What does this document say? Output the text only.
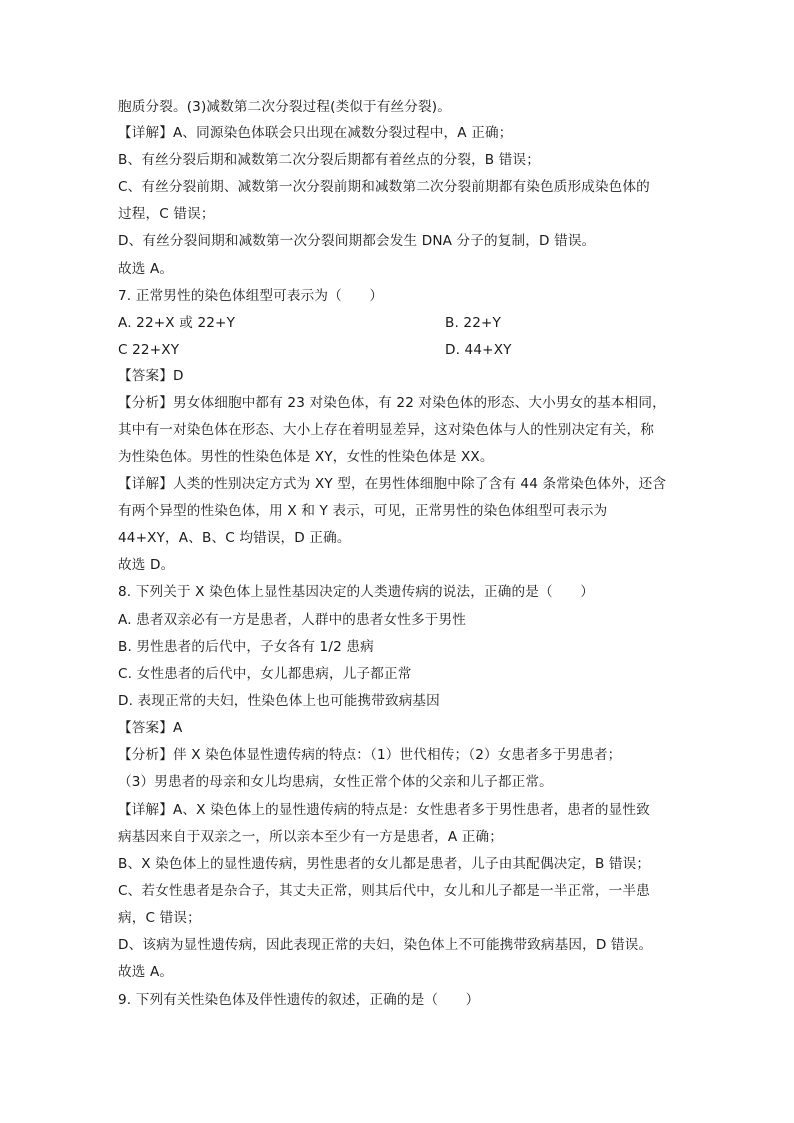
胞质分裂。(3)减数第二次分裂过程(类似于有丝分裂)。
【详解】A、同源染色体联会只出现在减数分裂过程中，A 正确；
B、有丝分裂后期和减数第二次分裂后期都有着丝点的分裂，B 错误；
C、有丝分裂前期、减数第一次分裂前期和减数第二次分裂前期都有染色质形成染色体的
过程，C 错误；
D、有丝分裂间期和减数第一次分裂间期都会发生 DNA 分子的复制，D 错误。
故选 A。
7. 正常男性的染色体组型可表示为（　　）
A. 22+X 或 22+Y	B. 22+Y
C 22+XY	D. 44+XY
【答案】D
【分析】男女体细胞中都有 23 对染色体，有 22 对染色体的形态、大小男女的基本相同，
其中有一对染色体在形态、大小上存在着明显差异，这对染色体与人的性别决定有关，称
为性染色体。男性的性染色体是 XY，女性的性染色体是 XX。
【详解】人类的性别决定方式为 XY 型，在男性体细胞中除了含有 44 条常染色体外，还含
有两个异型的性染色体，用 X 和 Y 表示，可见，正常男性的染色体组型可表示为
44+XY，A、B、C 均错误，D 正确。
故选 D。
8. 下列关于 X 染色体上显性基因决定的人类遗传病的说法，正确的是（　　）
A. 患者双亲必有一方是患者，人群中的患者女性多于男性
B. 男性患者的后代中，子女各有 1/2 患病
C. 女性患者的后代中，女儿都患病，儿子都正常
D. 表现正常的夫妇，性染色体上也可能携带致病基因
【答案】A
【分析】伴 X 染色体显性遗传病的特点：（1）世代相传；（2）女患者多于男患者；
（3）男患者的母亲和女儿均患病，女性正常个体的父亲和儿子都正常。
【详解】A、X 染色体上的显性遗传病的特点是：女性患者多于男性患者，患者的显性致
病基因来自于双亲之一，所以亲本至少有一方是患者，A 正确；
B、X 染色体上的显性遗传病，男性患者的女儿都是患者，儿子由其配偶决定，B 错误；
C、若女性患者是杂合子，其丈夫正常，则其后代中，女儿和儿子都是一半正常，一半患
病，C 错误；
D、该病为显性遗传病，因此表现正常的夫妇，染色体上不可能携带致病基因，D 错误。
故选 A。
9. 下列有关性染色体及伴性遗传的叙述，正确的是（　　）
